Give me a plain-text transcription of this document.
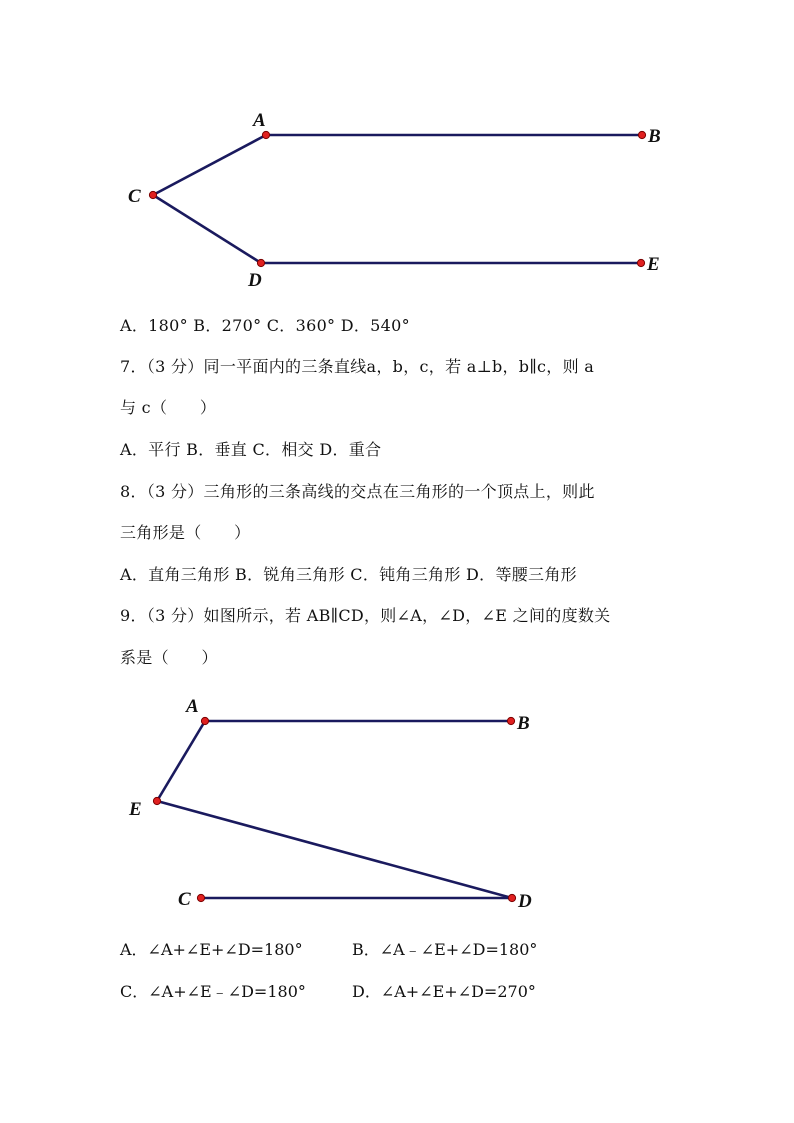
A
B
C
D
E
A．180° B．270° C．360° D．540°
7．（3 分）同一平面内的三条直线a，b，c，若 a⊥b，b∥c，则 a
与 c（　　）
A．平行 B．垂直 C．相交 D．重合
8．（3 分）三角形的三条高线的交点在三角形的一个顶点上，则此
三角形是（　　）
A．直角三角形 B．锐角三角形 C．钝角三角形 D．等腰三角形
9．（3 分）如图所示，若 AB∥CD，则∠A，∠D，∠E 之间的度数关
系是（　　）
A
B
E
C	D
A．∠A+∠E+∠D=180°	B．∠A﹣∠E+∠D=180°
C．∠A+∠E﹣∠D=180°	D．∠A+∠E+∠D=270°
